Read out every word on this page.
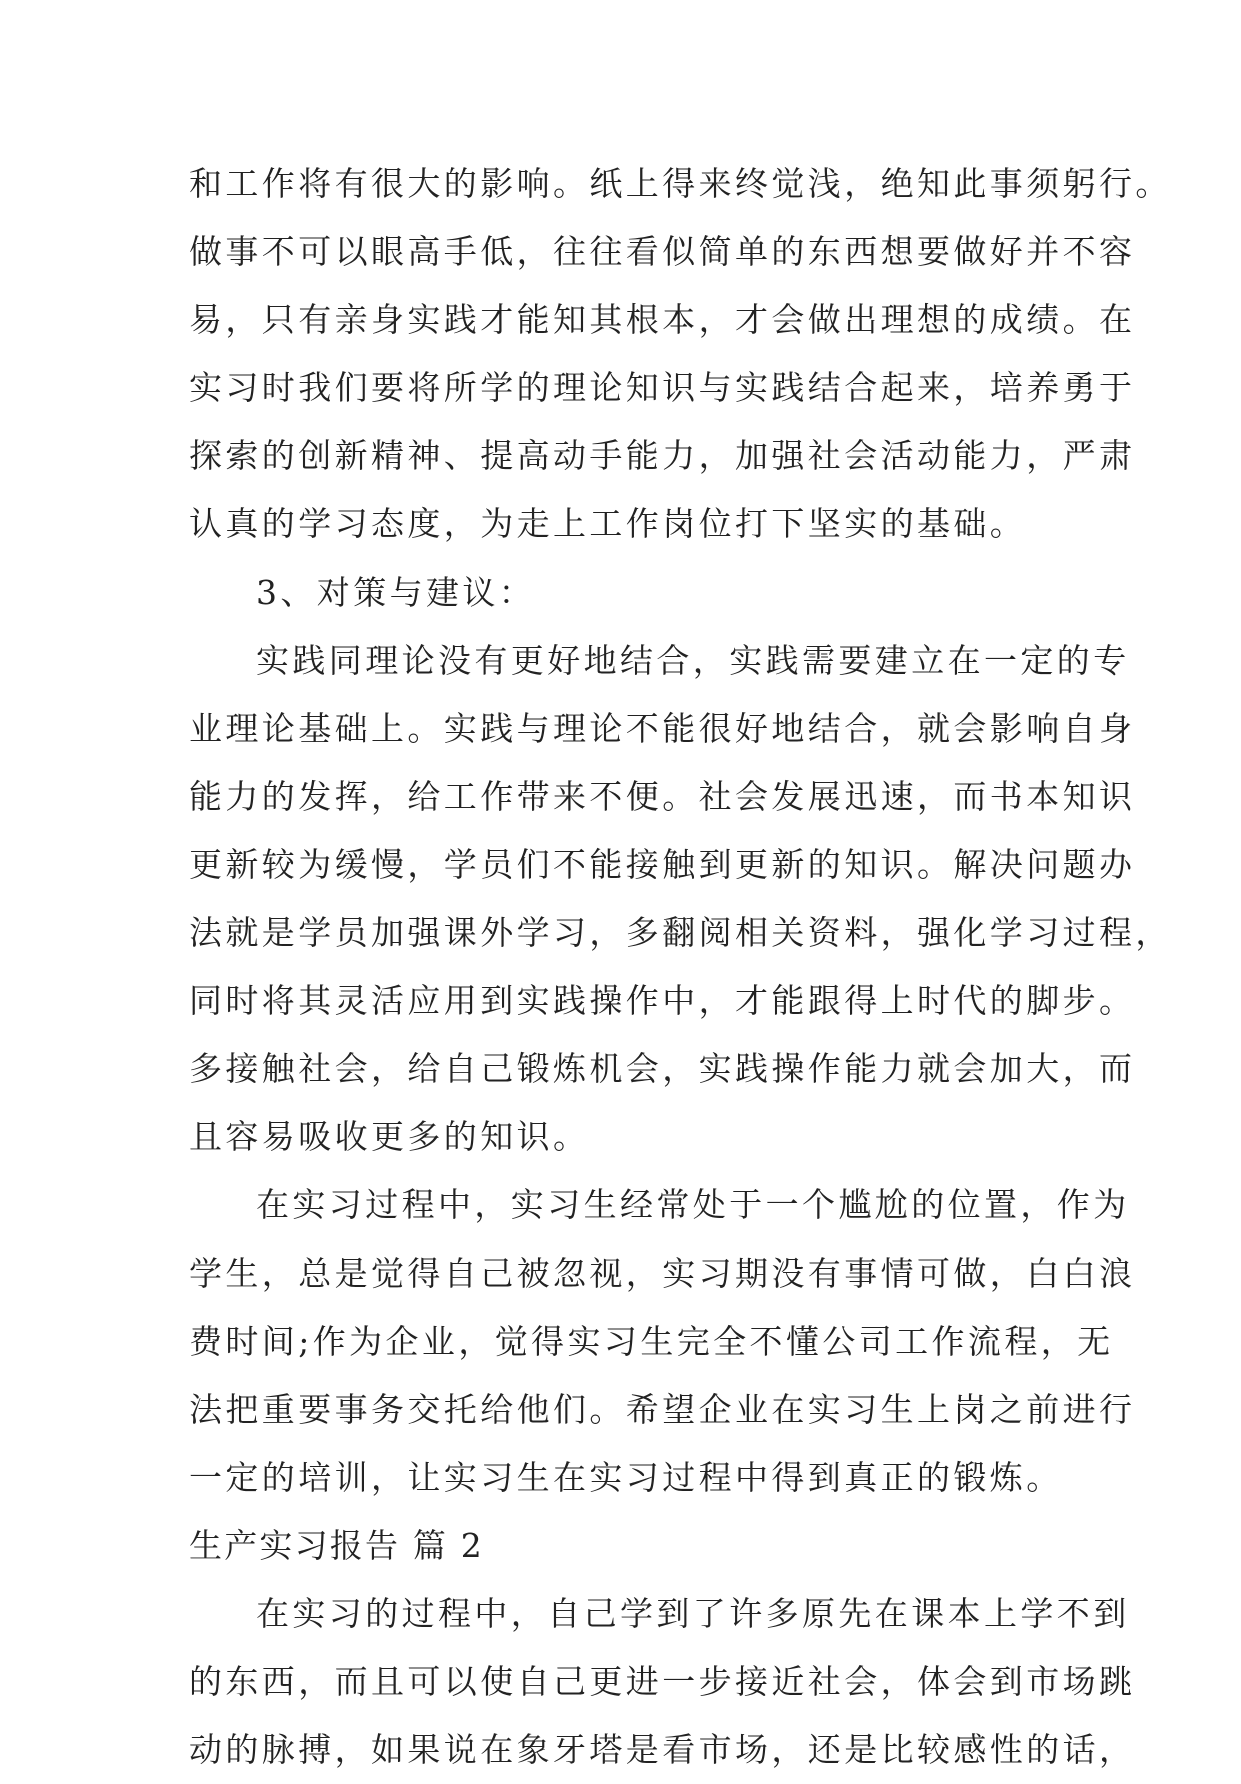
和工作将有很大的影响。纸上得来终觉浅，绝知此事须躬行。
做事不可以眼高手低，往往看似简单的东西想要做好并不容
易，只有亲身实践才能知其根本，才会做出理想的成绩。在
实习时我们要将所学的理论知识与实践结合起来，培养勇于
探索的创新精神、提高动手能力，加强社会活动能力，严肃
认真的学习态度，为走上工作岗位打下坚实的基础。
3、对策与建议：
实践同理论没有更好地结合，实践需要建立在一定的专
业理论基础上。实践与理论不能很好地结合，就会影响自身
能力的发挥，给工作带来不便。社会发展迅速，而书本知识
更新较为缓慢，学员们不能接触到更新的知识。解决问题办
法就是学员加强课外学习，多翻阅相关资料，强化学习过程，
同时将其灵活应用到实践操作中，才能跟得上时代的脚步。
多接触社会，给自己锻炼机会，实践操作能力就会加大，而
且容易吸收更多的知识。
在实习过程中，实习生经常处于一个尴尬的位置，作为
学生，总是觉得自己被忽视，实习期没有事情可做，白白浪
费时间;作为企业，觉得实习生完全不懂公司工作流程，无
法把重要事务交托给他们。希望企业在实习生上岗之前进行
一定的培训，让实习生在实习过程中得到真正的锻炼。
生产实习报告 篇 2
在实习的过程中，自己学到了许多原先在课本上学不到
的东西，而且可以使自己更进一步接近社会，体会到市场跳
动的脉搏，如果说在象牙塔是看市场，还是比较感性的话，
